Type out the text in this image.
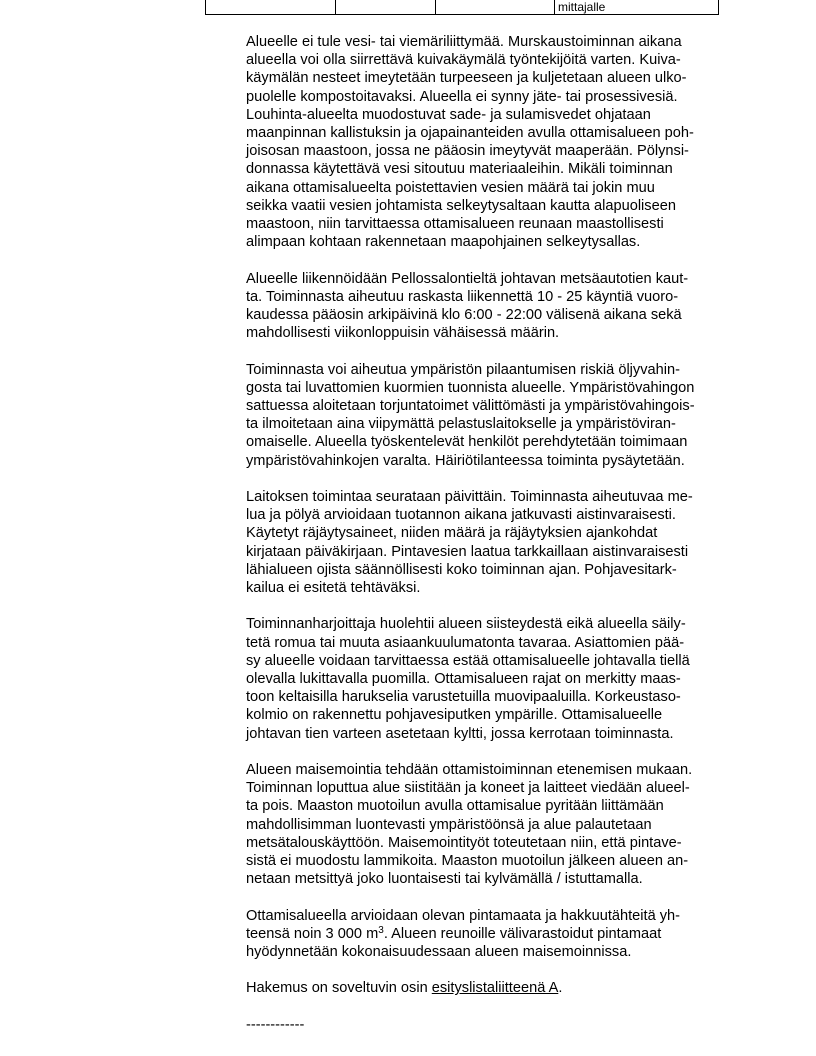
			mittajalle

Alueelle ei tule vesi- tai viemäriliittymää. Murskaustoiminnan aikana
alueella voi olla siirrettävä kuivakäymälä työntekijöitä varten. Kuiva-
käymälän nesteet imeytetään turpeeseen ja kuljetetaan alueen ulko-
puolelle kompostoitavaksi. Alueella ei synny jäte- tai prosessivesiä.
Louhinta-alueelta muodostuvat sade- ja sulamisvedet ohjataan
maanpinnan kallistuksin ja ojapainanteiden avulla ottamisalueen poh-
joisosan maastoon, jossa ne pääosin imeytyvät maaperään. Pölynsi-
donnassa käytettävä vesi sitoutuu materiaaleihin. Mikäli toiminnan
aikana ottamisalueelta poistettavien vesien määrä tai jokin muu
seikka vaatii vesien johtamista selkeytysaltaan kautta alapuoliseen
maastoon, niin tarvittaessa ottamisalueen reunaan maastollisesti
alimpaan kohtaan rakennetaan maapohjainen selkeytysallas.

Alueelle liikennöidään Pellossalontieltä johtavan metsäautotien kaut-
ta. Toiminnasta aiheutuu raskasta liikennettä 10 - 25 käyntiä vuoro-
kaudessa pääosin arkipäivinä klo 6:00 - 22:00 välisenä aikana sekä
mahdollisesti viikonloppuisin vähäisessä määrin.

Toiminnasta voi aiheutua ympäristön pilaantumisen riskiä öljyvahin-
gosta tai luvattomien kuormien tuonnista alueelle. Ympäristövahingon
sattuessa aloitetaan torjuntatoimet välittömästi ja ympäristövahingois-
ta ilmoitetaan aina viipymättä pelastuslaitokselle ja ympäristöviran-
omaiselle. Alueella työskentelevät henkilöt perehdytetään toimimaan
ympäristövahinkojen varalta. Häiriötilanteessa toiminta pysäytetään.

Laitoksen toimintaa seurataan päivittäin. Toiminnasta aiheutuvaa me-
lua ja pölyä arvioidaan tuotannon aikana jatkuvasti aistinvaraisesti.
Käytetyt räjäytysaineet, niiden määrä ja räjäytyksien ajankohdat
kirjataan päiväkirjaan. Pintavesien laatua tarkkaillaan aistinvaraisesti
lähialueen ojista säännöllisesti koko toiminnan ajan. Pohjavesitark-
kailua ei esitetä tehtäväksi.

Toiminnanharjoittaja huolehtii alueen siisteydestä eikä alueella säily-
tetä romua tai muuta asiaankuulumatonta tavaraa. Asiattomien pää-
sy alueelle voidaan tarvittaessa estää ottamisalueelle johtavalla tiellä
olevalla lukittavalla puomilla. Ottamisalueen rajat on merkitty maas-
toon keltaisilla harukselia varustetuilla muovipaaluilla. Korkeustaso-
kolmio on rakennettu pohjavesiputken ympärille. Ottamisalueelle
johtavan tien varteen asetetaan kyltti, jossa kerrotaan toiminnasta.

Alueen maisemointia tehdään ottamistoiminnan etenemisen mukaan.
Toiminnan loputtua alue siistitään ja koneet ja laitteet viedään alueel-
ta pois. Maaston muotoilun avulla ottamisalue pyritään liittämään
mahdollisimman luontevasti ympäristöönsä ja alue palautetaan
metsätalouskäyttöön. Maisemointityöt toteutetaan niin, että pintave-
sistä ei muodostu lammikoita. Maaston muotoilun jälkeen alueen an-
netaan metsittyä joko luontaisesti tai kylvämällä / istuttamalla.

Ottamisalueella arvioidaan olevan pintamaata ja hakkuutähteitä yh-
teensä noin 3 000 $m^3$. Alueen reunoille välivarastoidut pintamaat
hyödynnetään kokonaisuudessaan alueen maisemoinnissa.

Hakemus on soveltuvin osin esityslistaliitteenä A.

------------
